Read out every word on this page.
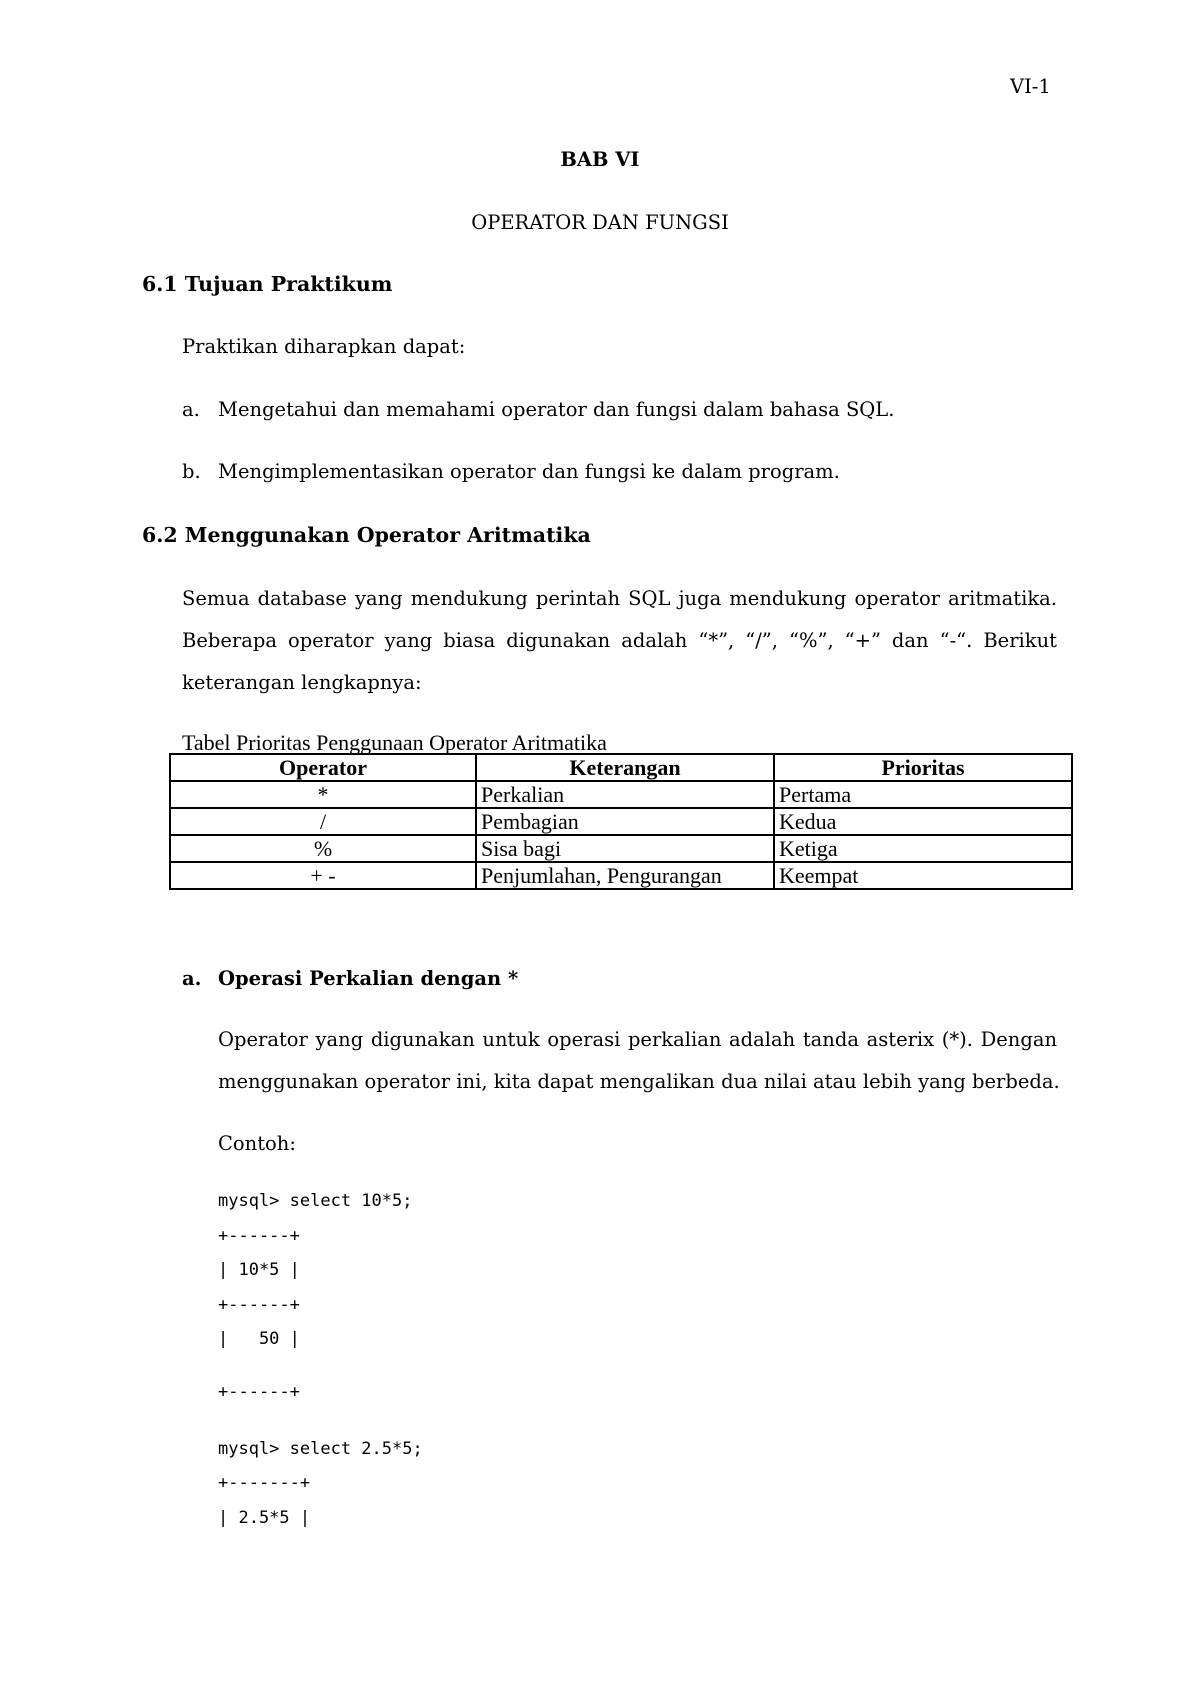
VI-1

BAB VI

OPERATOR DAN FUNGSI

6.1 Tujuan Praktikum

Praktikan diharapkan dapat:

a. Mengetahui dan memahami operator dan fungsi dalam bahasa SQL.

b. Mengimplementasikan operator dan fungsi ke dalam program.

6.2 Menggunakan Operator Aritmatika

Semua database yang mendukung perintah SQL juga mendukung operator aritmatika.
Beberapa operator yang biasa digunakan adalah “*”, “/”, “%”, “+” dan “-“. Berikut
keterangan lengkapnya:

Tabel Prioritas Penggunaan Operator Aritmatika

Operator	Keterangan	Prioritas
*	Perkalian	Pertama
/	Pembagian	Kedua
%	Sisa bagi	Ketiga
+ -	Penjumlahan, Pengurangan	Keempat

a. Operasi Perkalian dengan *

Operator yang digunakan untuk operasi perkalian adalah tanda asterix (*). Dengan
menggunakan operator ini, kita dapat mengalikan dua nilai atau lebih yang berbeda.

Contoh:

mysql> select 10*5;
+------+
| 10*5 |
+------+
|   50 |
+------+
mysql> select 2.5*5;
+-------+
| 2.5*5 |
